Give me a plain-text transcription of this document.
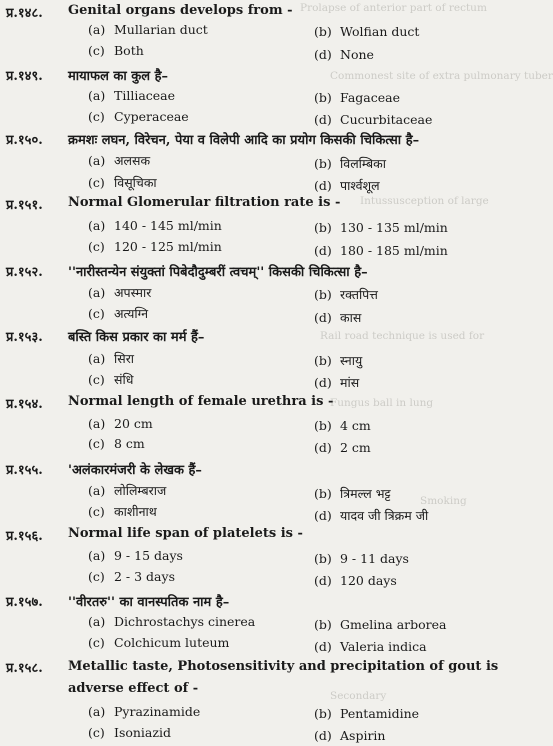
Prolapse of anterior part of rectum
Commonest site of extra pulmonary tuber
Intussusception of large
Rail road technique is used for
Fungus ball in lung
Smoking
Secondary
प्र.१४८. Genital organs develops from -
(a) Mullarian duct	(b) Wolfian duct
(c) Both	(d) None
प्र.१४९. मायाफल का कुल है–
(a) Tilliaceae	(b) Fagaceae
(c) Cyperaceae	(d) Cucurbitaceae
प्र.१५०. क्रमशः लघन, विरेचन, पेया व विलेपी आदि का प्रयोग किसकी चिकित्सा है–
(a) अलसक	(b) विलम्बिका
(c) विसूचिका	(d) पार्श्वशूल
प्र.१५१. Normal Glomerular filtration rate is -
(a) 140 - 145 ml/min	(b) 130 - 135 ml/min
(c) 120 - 125 ml/min	(d) 180 - 185 ml/min
प्र.१५२. ''नारीस्तन्येन संयुक्तां पिबेदौदुम्बरीं त्वचम्'' किसकी चिकित्सा है–
(a) अपस्मार	(b) रक्तपित्त
(c) अत्यग्नि	(d) कास
प्र.१५३. बस्ति किस प्रकार का मर्म हैं–
(a) सिरा	(b) स्नायु
(c) संधि	(d) मांस
प्र.१५४. Normal length of female urethra is -
(a) 20 cm	(b) 4 cm
(c) 8 cm	(d) 2 cm
प्र.१५५. 'अलंकारमंजरी के लेखक हैं–
(a) लोलिम्बराज	(b) त्रिमल्ल भट्ट
(c) काशीनाथ	(d) यादव जी त्रिक्रम जी
प्र.१५६. Normal life span of platelets is -
(a) 9 - 15 days	(b) 9 - 11 days
(c) 2 - 3 days	(d) 120 days
प्र.१५७. ''वीरतरु'' का वानस्पतिक नाम है–
(a) Dichrostachys cinerea	(b) Gmelina arborea
(c) Colchicum luteum	(d) Valeria indica
प्र.१५८. Metallic taste, Photosensitivity and precipitation of gout is adverse effect of -
(a) Pyrazinamide	(b) Pentamidine
(c) Isoniazid	(d) Aspirin
